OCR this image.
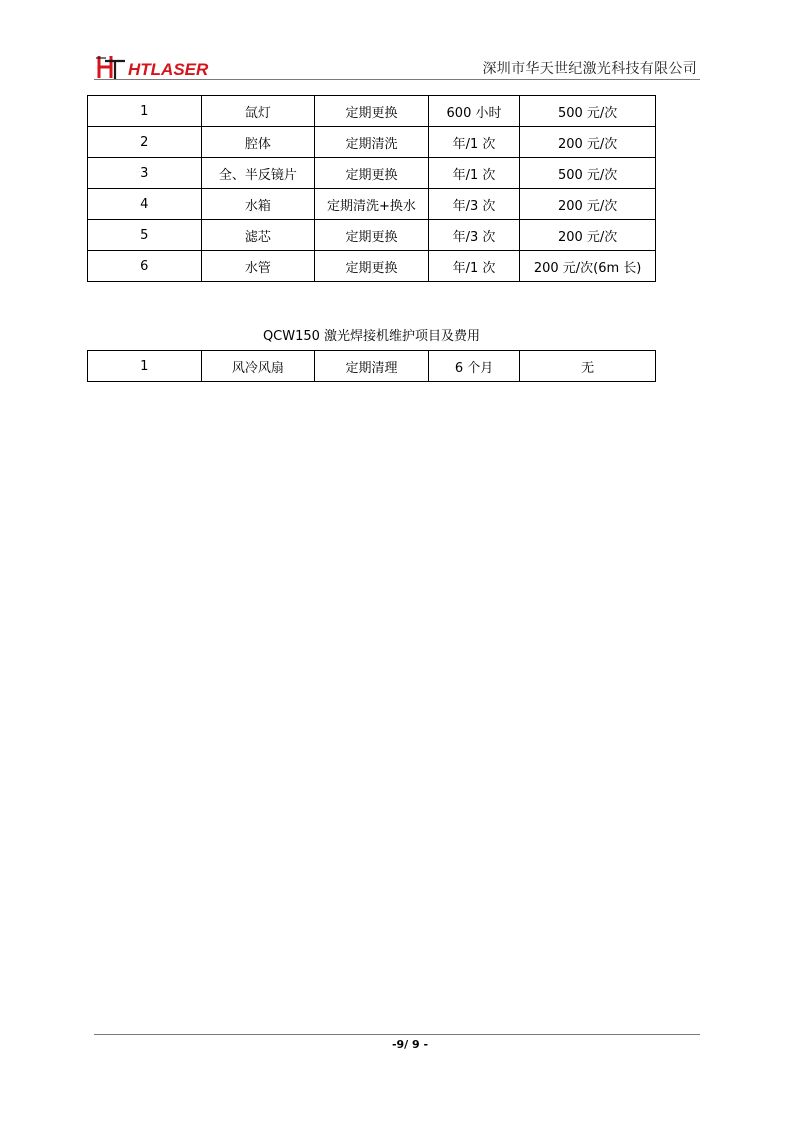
HTLASER	深圳市华天世纪激光科技有限公司
1	氙灯	定期更换	600 小时	500 元/次
2	腔体	定期清洗	年/1 次	200 元/次
3	全、半反镜片	定期更换	年/1 次	500 元/次
4	水箱	定期清洗+换水	年/3 次	200 元/次
5	滤芯	定期更换	年/3 次	200 元/次
6	水管	定期更换	年/1 次	200 元/次(6m 长)
QCW150 激光焊接机维护项目及费用
1	风冷风扇	定期清理	6 个月	无
-9/ 9 -
